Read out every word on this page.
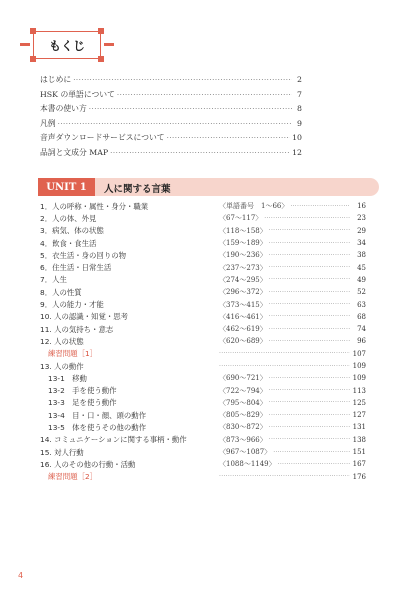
もくじ
はじめに ·····	2
HSK の単語について ·····	7
本書の使い方 ·····	8
凡例 ·····	9
音声ダウンロードサービスについて ·····	10
品詞と文成分 MAP ·····	12
UNIT 1	人に関する言葉
1．人の呼称・属性・身分・職業	〈単語番号　1～66〉 ·····	16
2．人の体、外見	〈67～117〉 ·····	23
3．病気、体の状態	〈118～158〉 ·····	29
4．飲食・食生活	〈159～189〉 ·····	34
5．衣生活・身の回りの物	〈190～236〉 ·····	38
6．住生活・日常生活	〈237～273〉 ·····	45
7．人生	〈274～295〉 ·····	49
8．人の性質	〈296～372〉 ·····	52
9．人の能力・才能	〈373～415〉 ·····	63
10. 人の認識・知覚・思考	〈416～461〉 ·····	68
11. 人の気持ち・意志	〈462～619〉 ·····	74
12. 人の状態	〈620～689〉 ·····	96
練習問題［1］ ·····	107
13. 人の動作 ·····	109
13-1　移動	〈690～721〉 ·····	109
13-2　手を使う動作	〈722～794〉 ·····	113
13-3　足を使う動作	〈795～804〉 ·····	125
13-4　目・口・顔、頭の動作	〈805～829〉 ·····	127
13-5　体を使うその他の動作	〈830～872〉 ·····	131
14. コミュニケーションに関する事柄・動作	〈873～966〉 ·····	138
15. 対人行動	〈967～1087〉 ·····	151
16. 人のその他の行動・活動	〈1088～1149〉 ·····	167
練習問題［2］ ·····	176
4
